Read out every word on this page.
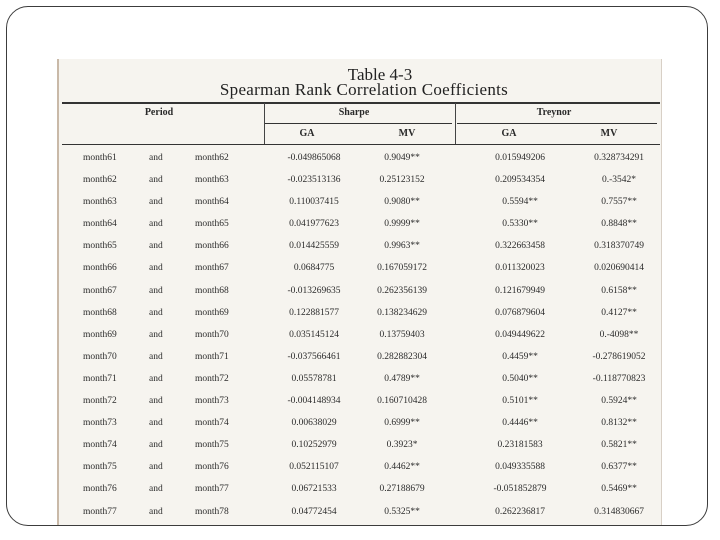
Table 4-3
Spearman Rank Correlation Coefficients
Period	Sharpe	Treynor
GA	MV	GA	MV
month61	and	month62	-0.049865068	0.9049**	0.015949206	0.328734291
month62	and	month63	-0.023513136	0.25123152	0.209534354	0.-3542*
month63	and	month64	0.110037415	0.9080**	0.5594**	0.7557**
month64	and	month65	0.041977623	0.9999**	0.5330**	0.8848**
month65	and	month66	0.014425559	0.9963**	0.322663458	0.318370749
month66	and	month67	0.0684775	0.167059172	0.011320023	0.020690414
month67	and	month68	-0.013269635	0.262356139	0.121679949	0.6158**
month68	and	month69	0.122881577	0.138234629	0.076879604	0.4127**
month69	and	month70	0.035145124	0.13759403	0.049449622	0.-4098**
month70	and	month71	-0.037566461	0.282882304	0.4459**	-0.278619052
month71	and	month72	0.05578781	0.4789**	0.5040**	-0.118770823
month72	and	month73	-0.004148934	0.160710428	0.5101**	0.5924**
month73	and	month74	0.00638029	0.6999**	0.4446**	0.8132**
month74	and	month75	0.10252979	0.3923*	0.23181583	0.5821**
month75	and	month76	0.052115107	0.4462**	0.049335588	0.6377**
month76	and	month77	0.06721533	0.27188679	-0.051852879	0.5469**
month77	and	month78	0.04772454	0.5325**	0.262236817	0.314830667
